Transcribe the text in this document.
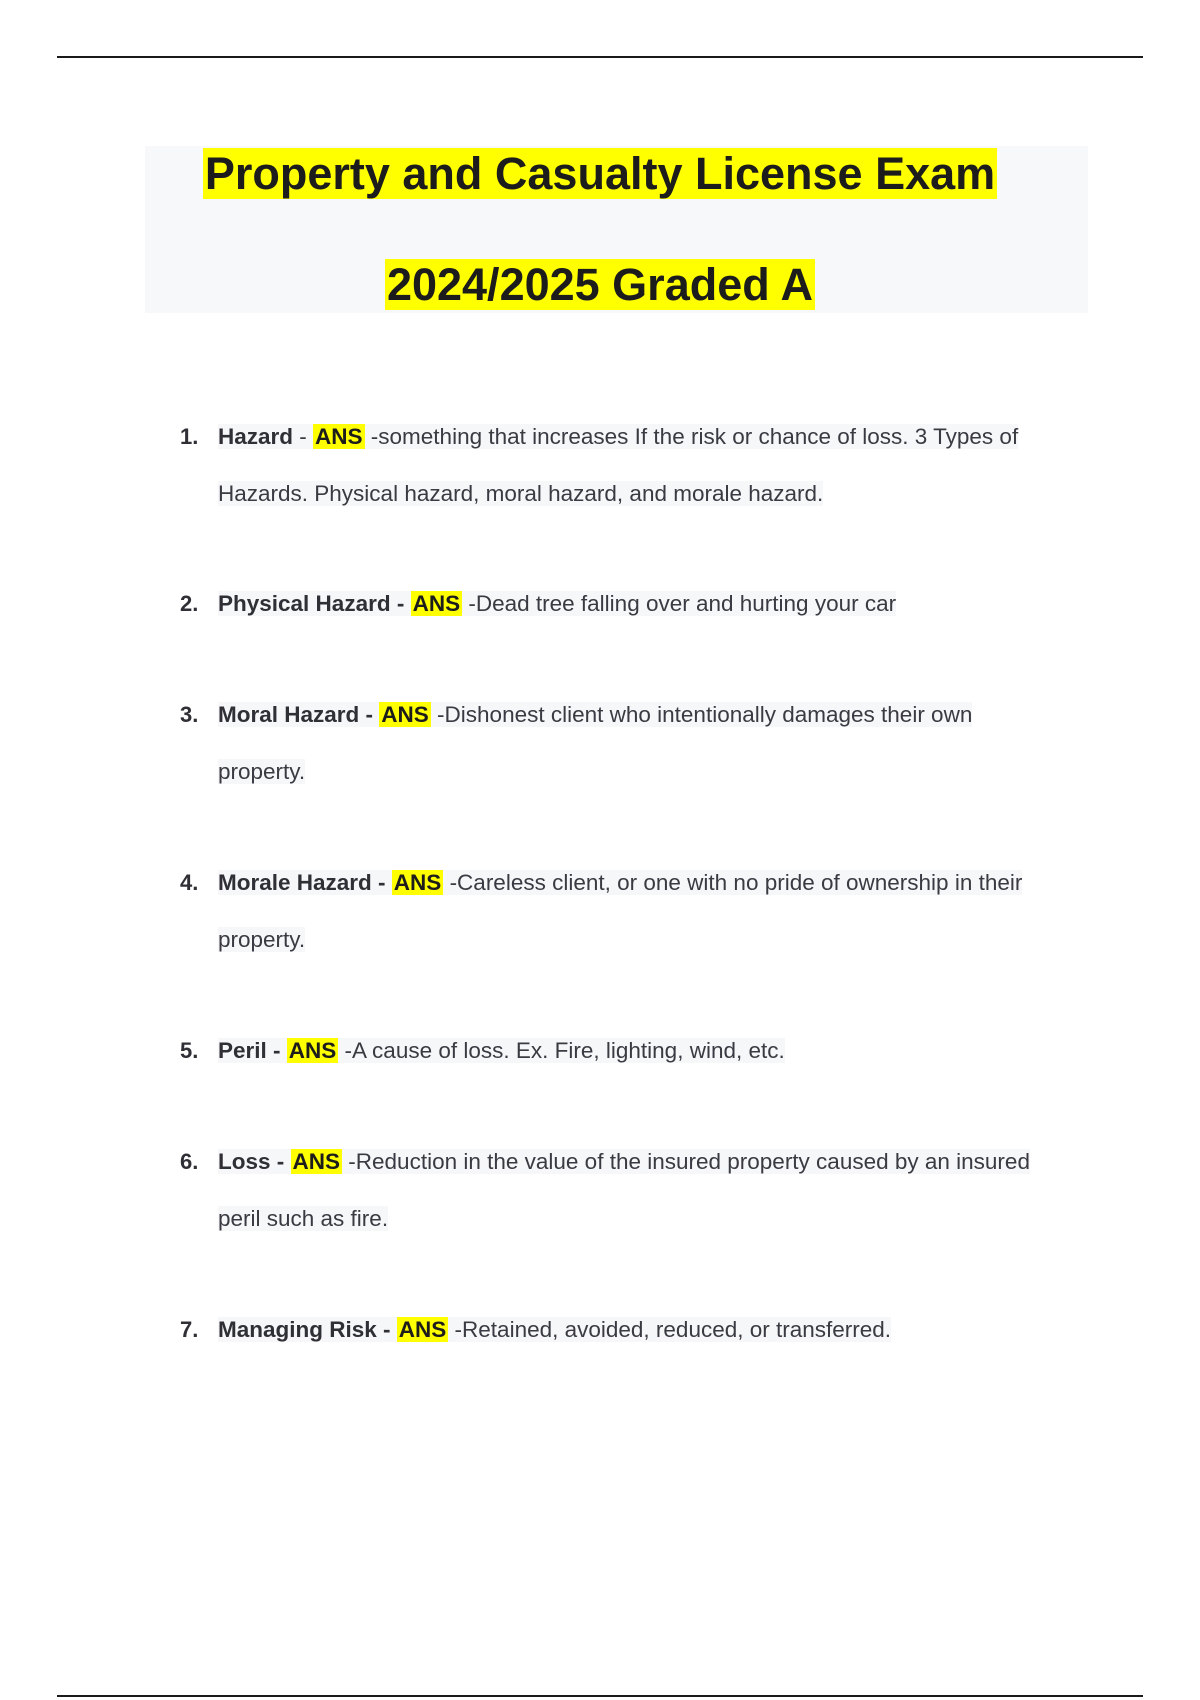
Property and Casualty License Exam
2024/2025 Graded A
1. Hazard - ANS -something that increases If the risk or chance of loss. 3 Types of
Hazards. Physical hazard, moral hazard, and morale hazard.
2. Physical Hazard - ANS -Dead tree falling over and hurting your car
3. Moral Hazard - ANS -Dishonest client who intentionally damages their own
property.
4. Morale Hazard - ANS -Careless client, or one with no pride of ownership in their
property.
5. Peril - ANS -A cause of loss. Ex. Fire, lighting, wind, etc.
6. Loss - ANS -Reduction in the value of the insured property caused by an insured
peril such as fire.
7. Managing Risk - ANS -Retained, avoided, reduced, or transferred.
